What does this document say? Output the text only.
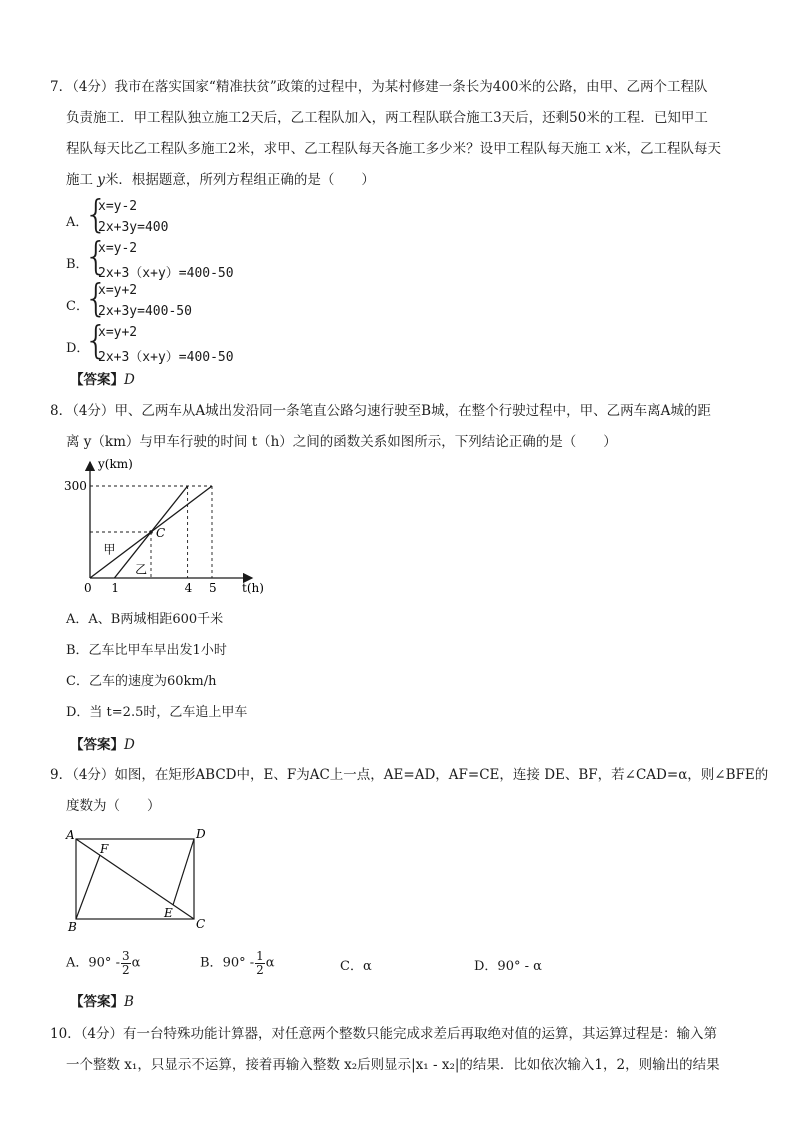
7．（4分）我市在落实国家“精准扶贫”政策的过程中，为某村修建一条长为400米的公路，由甲、乙两个工程队
负责施工．甲工程队独立施工2天后，乙工程队加入，两工程队联合施工3天后，还剩50米的工程．已知甲工
程队每天比乙工程队多施工2米，求甲、乙工程队每天各施工多少米？设甲工程队每天施工 x米，乙工程队每天
施工 y米．根据题意，所列方程组正确的是（　　）
A．
{
x=y-2
2x+3y=400
B．
{
x=y-2
2x+3（x+y）=400-50
C．
{
x=y+2
2x+3y=400-50
D．
{
x=y+2
2x+3（x+y）=400-50
【答案】D
8．（4分）甲、乙两车从A城出发沿同一条笔直公路匀速行驶至B城，在整个行驶过程中，甲、乙两车离A城的距
离 y（km）与甲车行驶的时间 t（h）之间的函数关系如图所示，下列结论正确的是（　　）
C
甲
乙
0 1	4 5
300
y(km)
t(h)
A．A、B两城相距600千米
B．乙车比甲车早出发1小时
C．乙车的速度为60km/h
D．当 t=2.5时，乙车追上甲车
【答案】D
9．（4分）如图，在矩形ABCD中，E、F为AC上一点，AE=AD，AF=CE，连接 DE、BF，若∠CAD=α，则∠BFE的
度数为（　　）
A	D
B	C
F
E
A．$90^\circ - \frac{3}{2}$ α	B．$90^\circ - \frac{1}{2}$ α	C．α	D．90° - α
【答案】B
10．（4分）有一台特殊功能计算器，对任意两个整数只能完成求差后再取绝对值的运算，其运算过程是：输入第
一个整数 x₁，只显示不运算，接着再输入整数 x₂后则显示|x₁ - x₂|的结果．比如依次输入1，2，则输出的结果
